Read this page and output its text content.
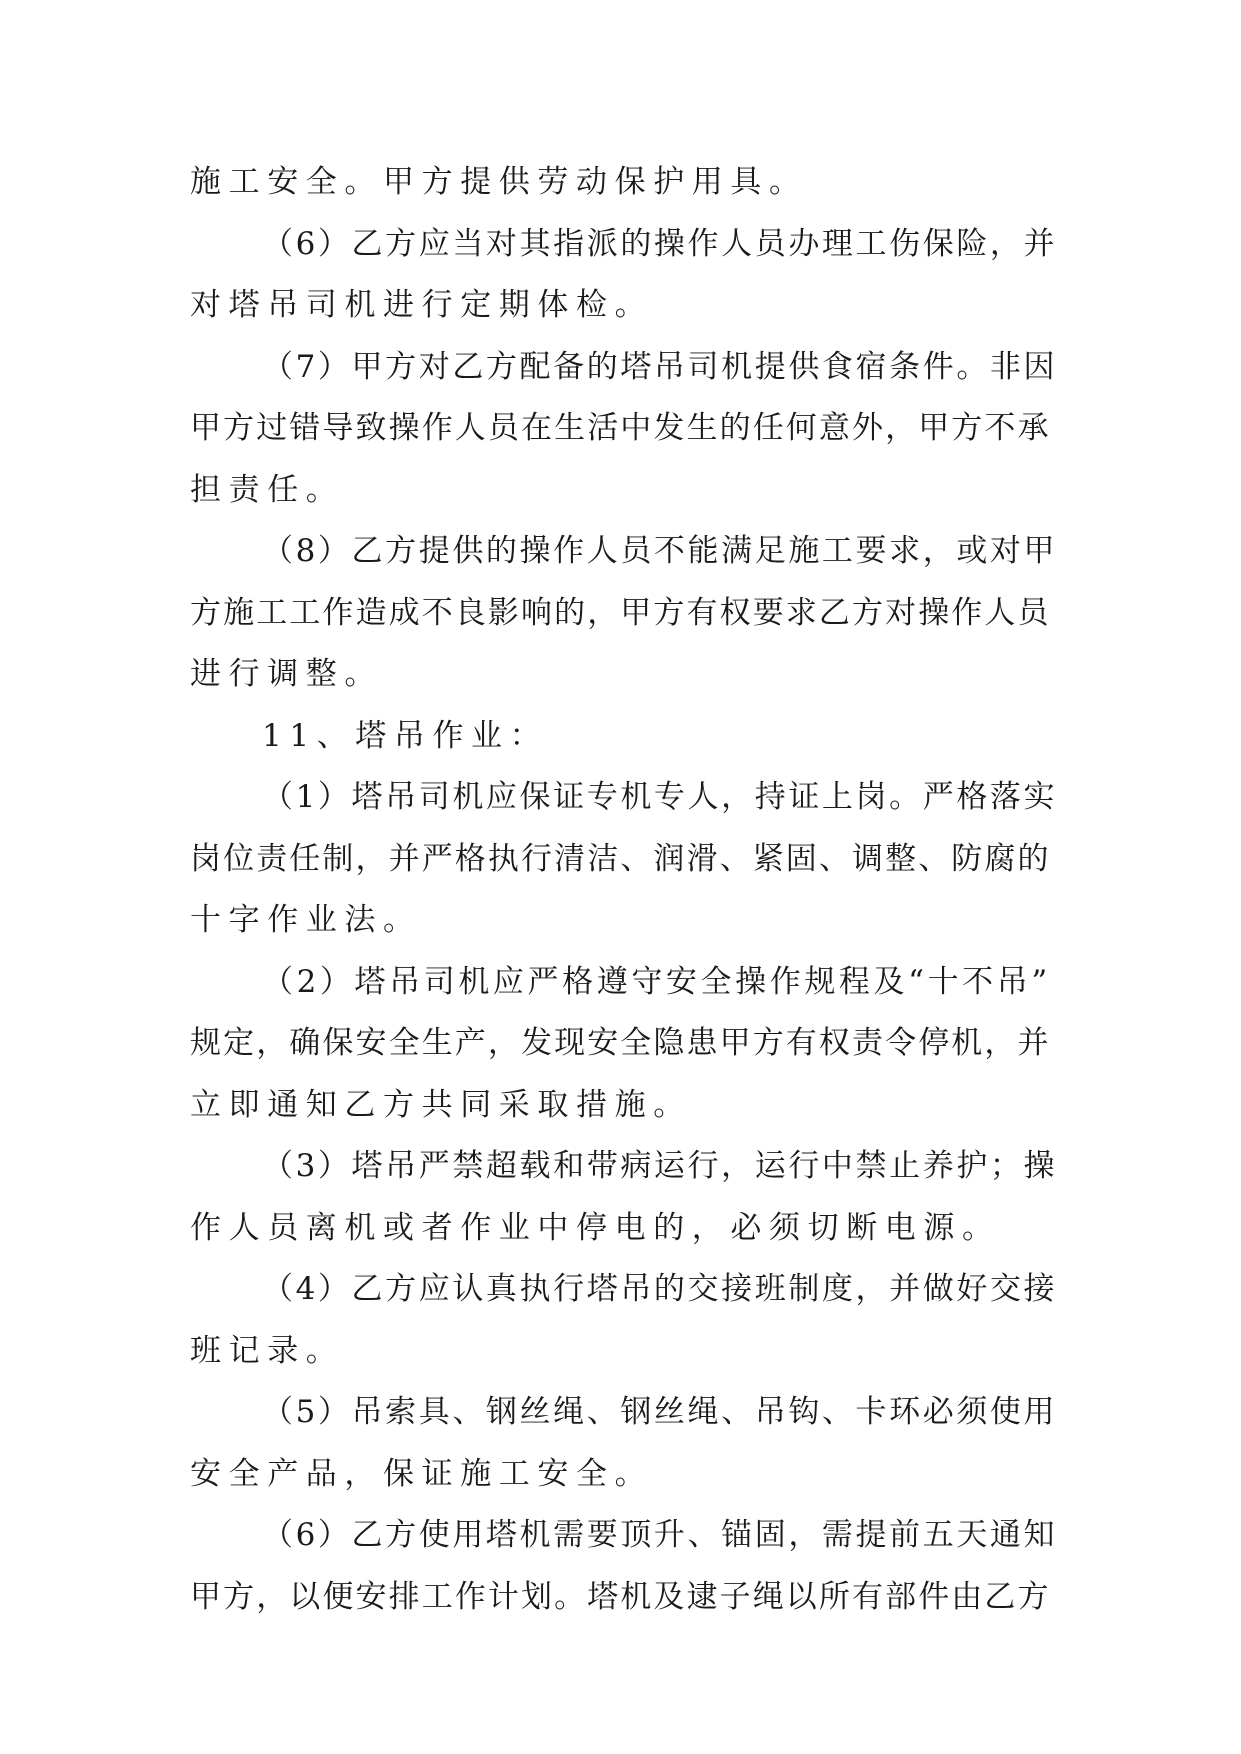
施工安全。甲方提供劳动保护用具。
（6）乙方应当对其指派的操作人员办理工伤保险，并
对塔吊司机进行定期体检。
（7）甲方对乙方配备的塔吊司机提供食宿条件。非因
甲方过错导致操作人员在生活中发生的任何意外，甲方不承
担责任。
（8）乙方提供的操作人员不能满足施工要求，或对甲
方施工工作造成不良影响的，甲方有权要求乙方对操作人员
进行调整。
11、塔吊作业：
（1）塔吊司机应保证专机专人，持证上岗。严格落实
岗位责任制，并严格执行清洁、润滑、紧固、调整、防腐的
十字作业法。
（2）塔吊司机应严格遵守安全操作规程及“十不吊”
规定，确保安全生产，发现安全隐患甲方有权责令停机，并
立即通知乙方共同采取措施。
（3）塔吊严禁超载和带病运行，运行中禁止养护；操
作人员离机或者作业中停电的，必须切断电源。
（4）乙方应认真执行塔吊的交接班制度，并做好交接
班记录。
（5）吊索具、钢丝绳、钢丝绳、吊钩、卡环必须使用
安全产品，保证施工安全。
（6）乙方使用塔机需要顶升、锚固，需提前五天通知
甲方，以便安排工作计划。塔机及逮子绳以所有部件由乙方
